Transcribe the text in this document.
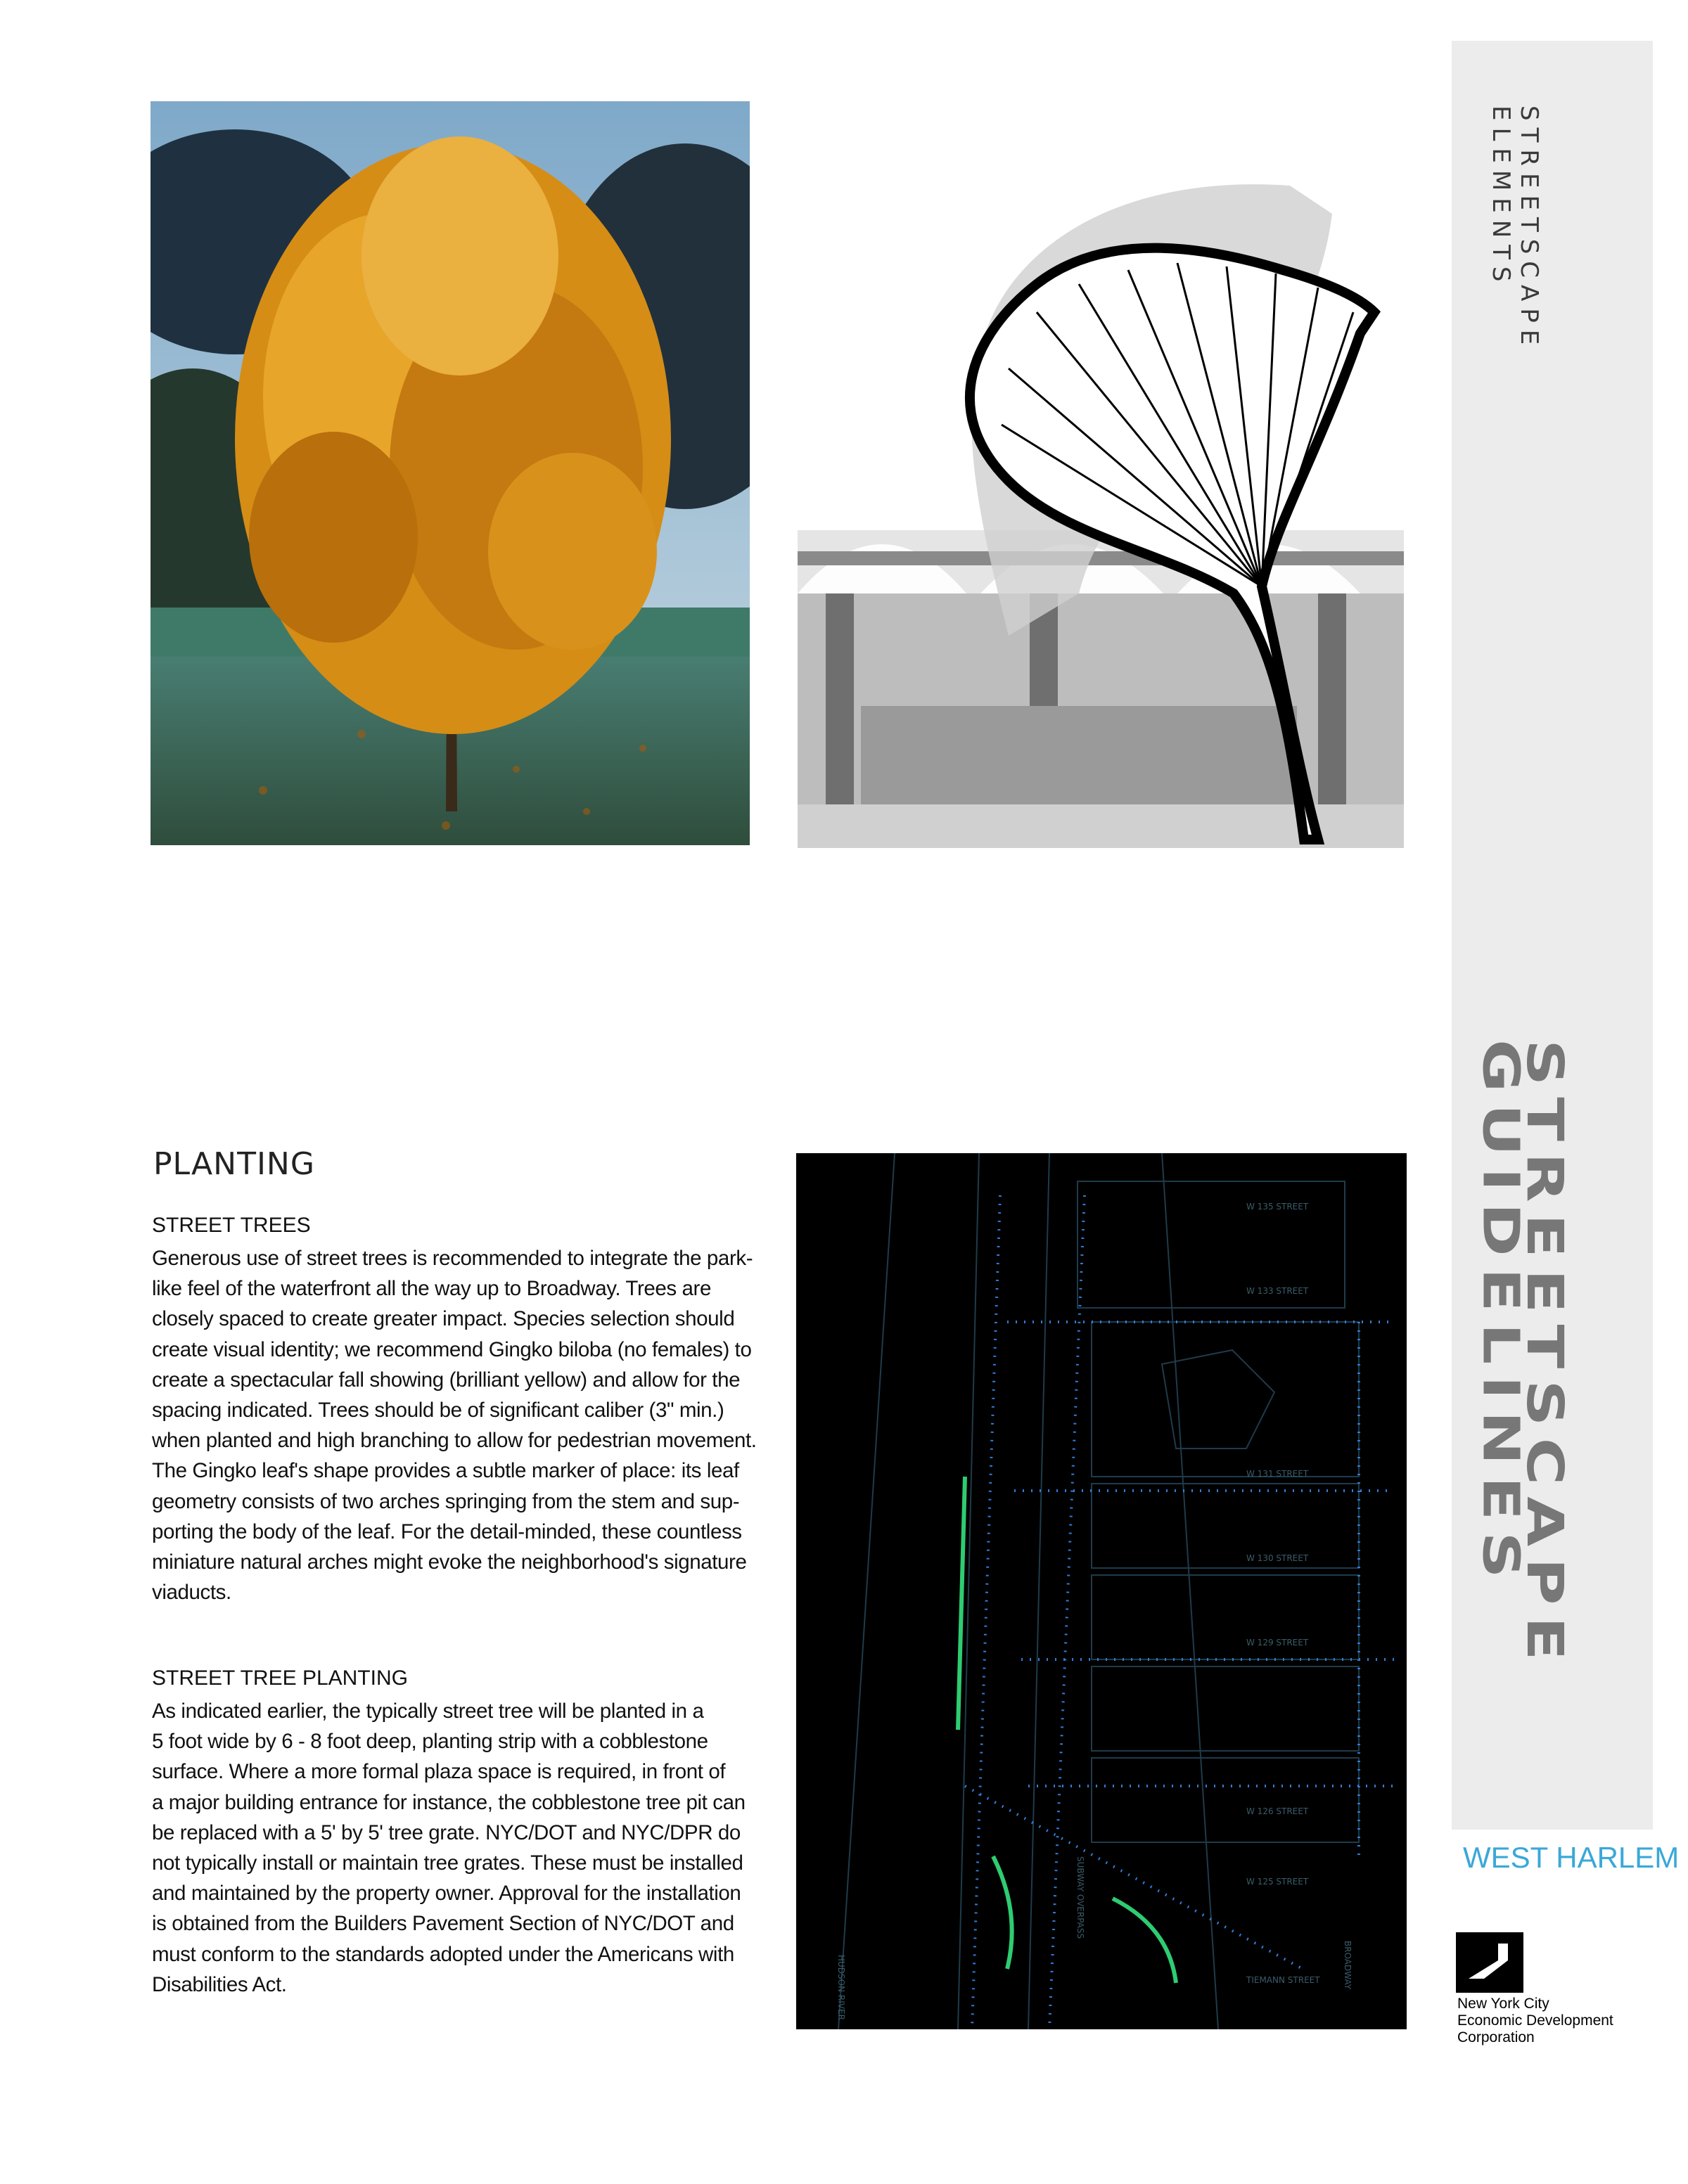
STREETSCAPE ELEMENTS
STREETSCAPE
GUIDELINES
WEST HARLEM
New York City
Economic Development
Corporation
PLANTING
STREET TREES
Generous use of street trees is recommended to integrate the park-
like feel of the waterfront all the way up to Broadway. Trees are
closely spaced to create greater impact. Species selection should
create visual identity; we recommend Gingko biloba (no females) to
create a spectacular fall showing (brilliant yellow) and allow for the
spacing indicated. Trees should be of significant caliber (3" min.)
when planted and high branching to allow for pedestrian movement.
The Gingko leaf's shape provides a subtle marker of place: its leaf
geometry consists of two arches springing from the stem and sup-
porting the body of the leaf. For the detail-minded, these countless
miniature natural arches might evoke the neighborhood's signature
viaducts.
STREET TREE PLANTING
As indicated earlier, the typically street tree will be planted in a
5 foot wide by 6 - 8 foot deep, planting strip with a cobblestone
surface. Where a more formal plaza space is required, in front of
a major building entrance for instance, the cobblestone tree pit can
be replaced with a 5' by 5' tree grate. NYC/DOT and NYC/DPR do
not typically install or maintain tree grates. These must be installed
and maintained by the property owner. Approval for the installation
is obtained from the Builders Pavement Section of NYC/DOT and
must conform to the standards adopted under the Americans with
Disabilities Act.
W 135 STREET
W 133 STREET
W 131 STREET
W 130 STREET
W 129 STREET
W 126 STREET
W 125 STREET
TIEMANN STREET	BROADWAY
SUBWAY OVERPASS
HUDSON RIVER
